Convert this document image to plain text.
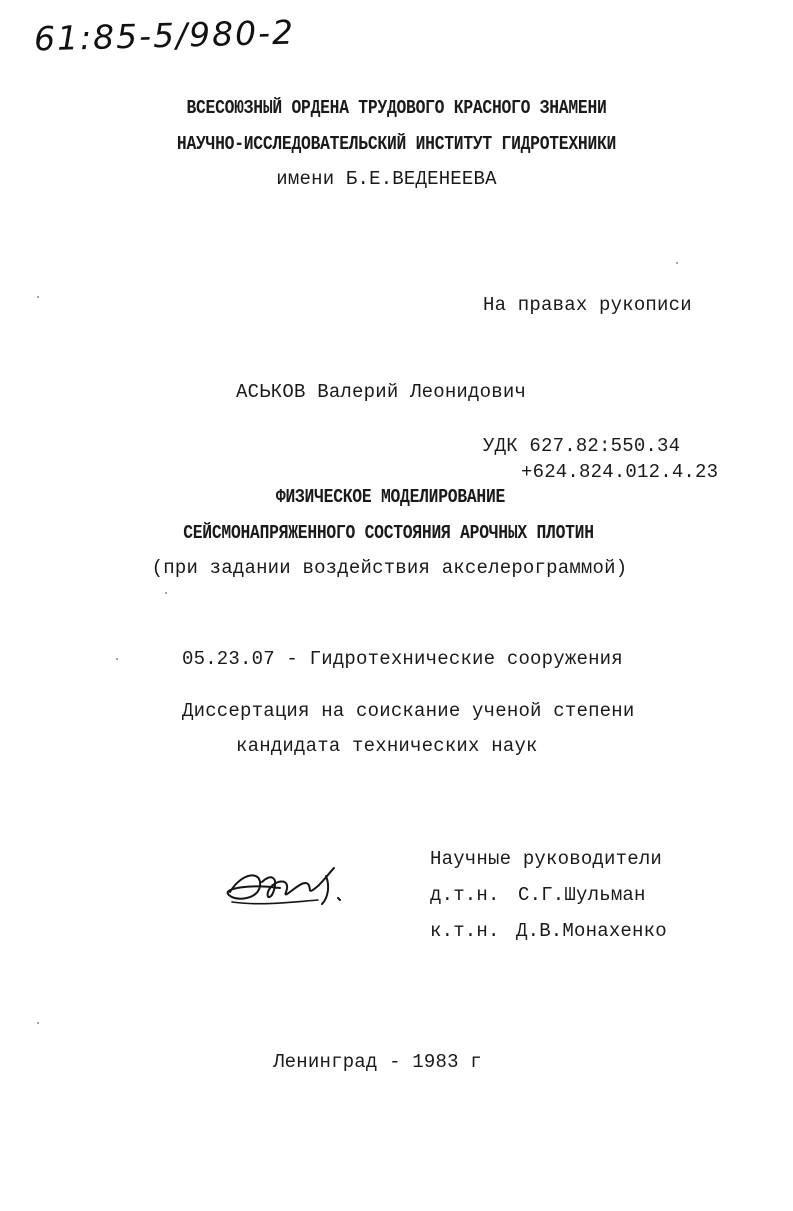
61:85-5/980-2
ВСЕСОЮЗНЫЙ ОРДЕНА ТРУДОВОГО КРАСНОГО ЗНАМЕНИ
НАУЧНО-ИССЛЕДОВАТЕЛЬСКИЙ ИНСТИТУТ ГИДРОТЕХНИКИ
имени Б.Е.ВЕДЕНЕЕВА
На правах рукописи
АСЬКОВ Валерий Леонидович
УДК 627.82:550.34
+624.824.012.4.23
ФИЗИЧЕСКОЕ МОДЕЛИРОВАНИЕ
СЕЙСМОНАПРЯЖЕННОГО СОСТОЯНИЯ АРОЧНЫХ ПЛОТИН
(при задании воздействия акселерограммой)
05.23.07 - Гидротехнические сооружения
Диссертация на соискание ученой степени
кандидата технических наук
Научные руководители
д.т.н. С.Г.Шульман
к.т.н. Д.В.Монахенко
Ленинград - 1983 г
